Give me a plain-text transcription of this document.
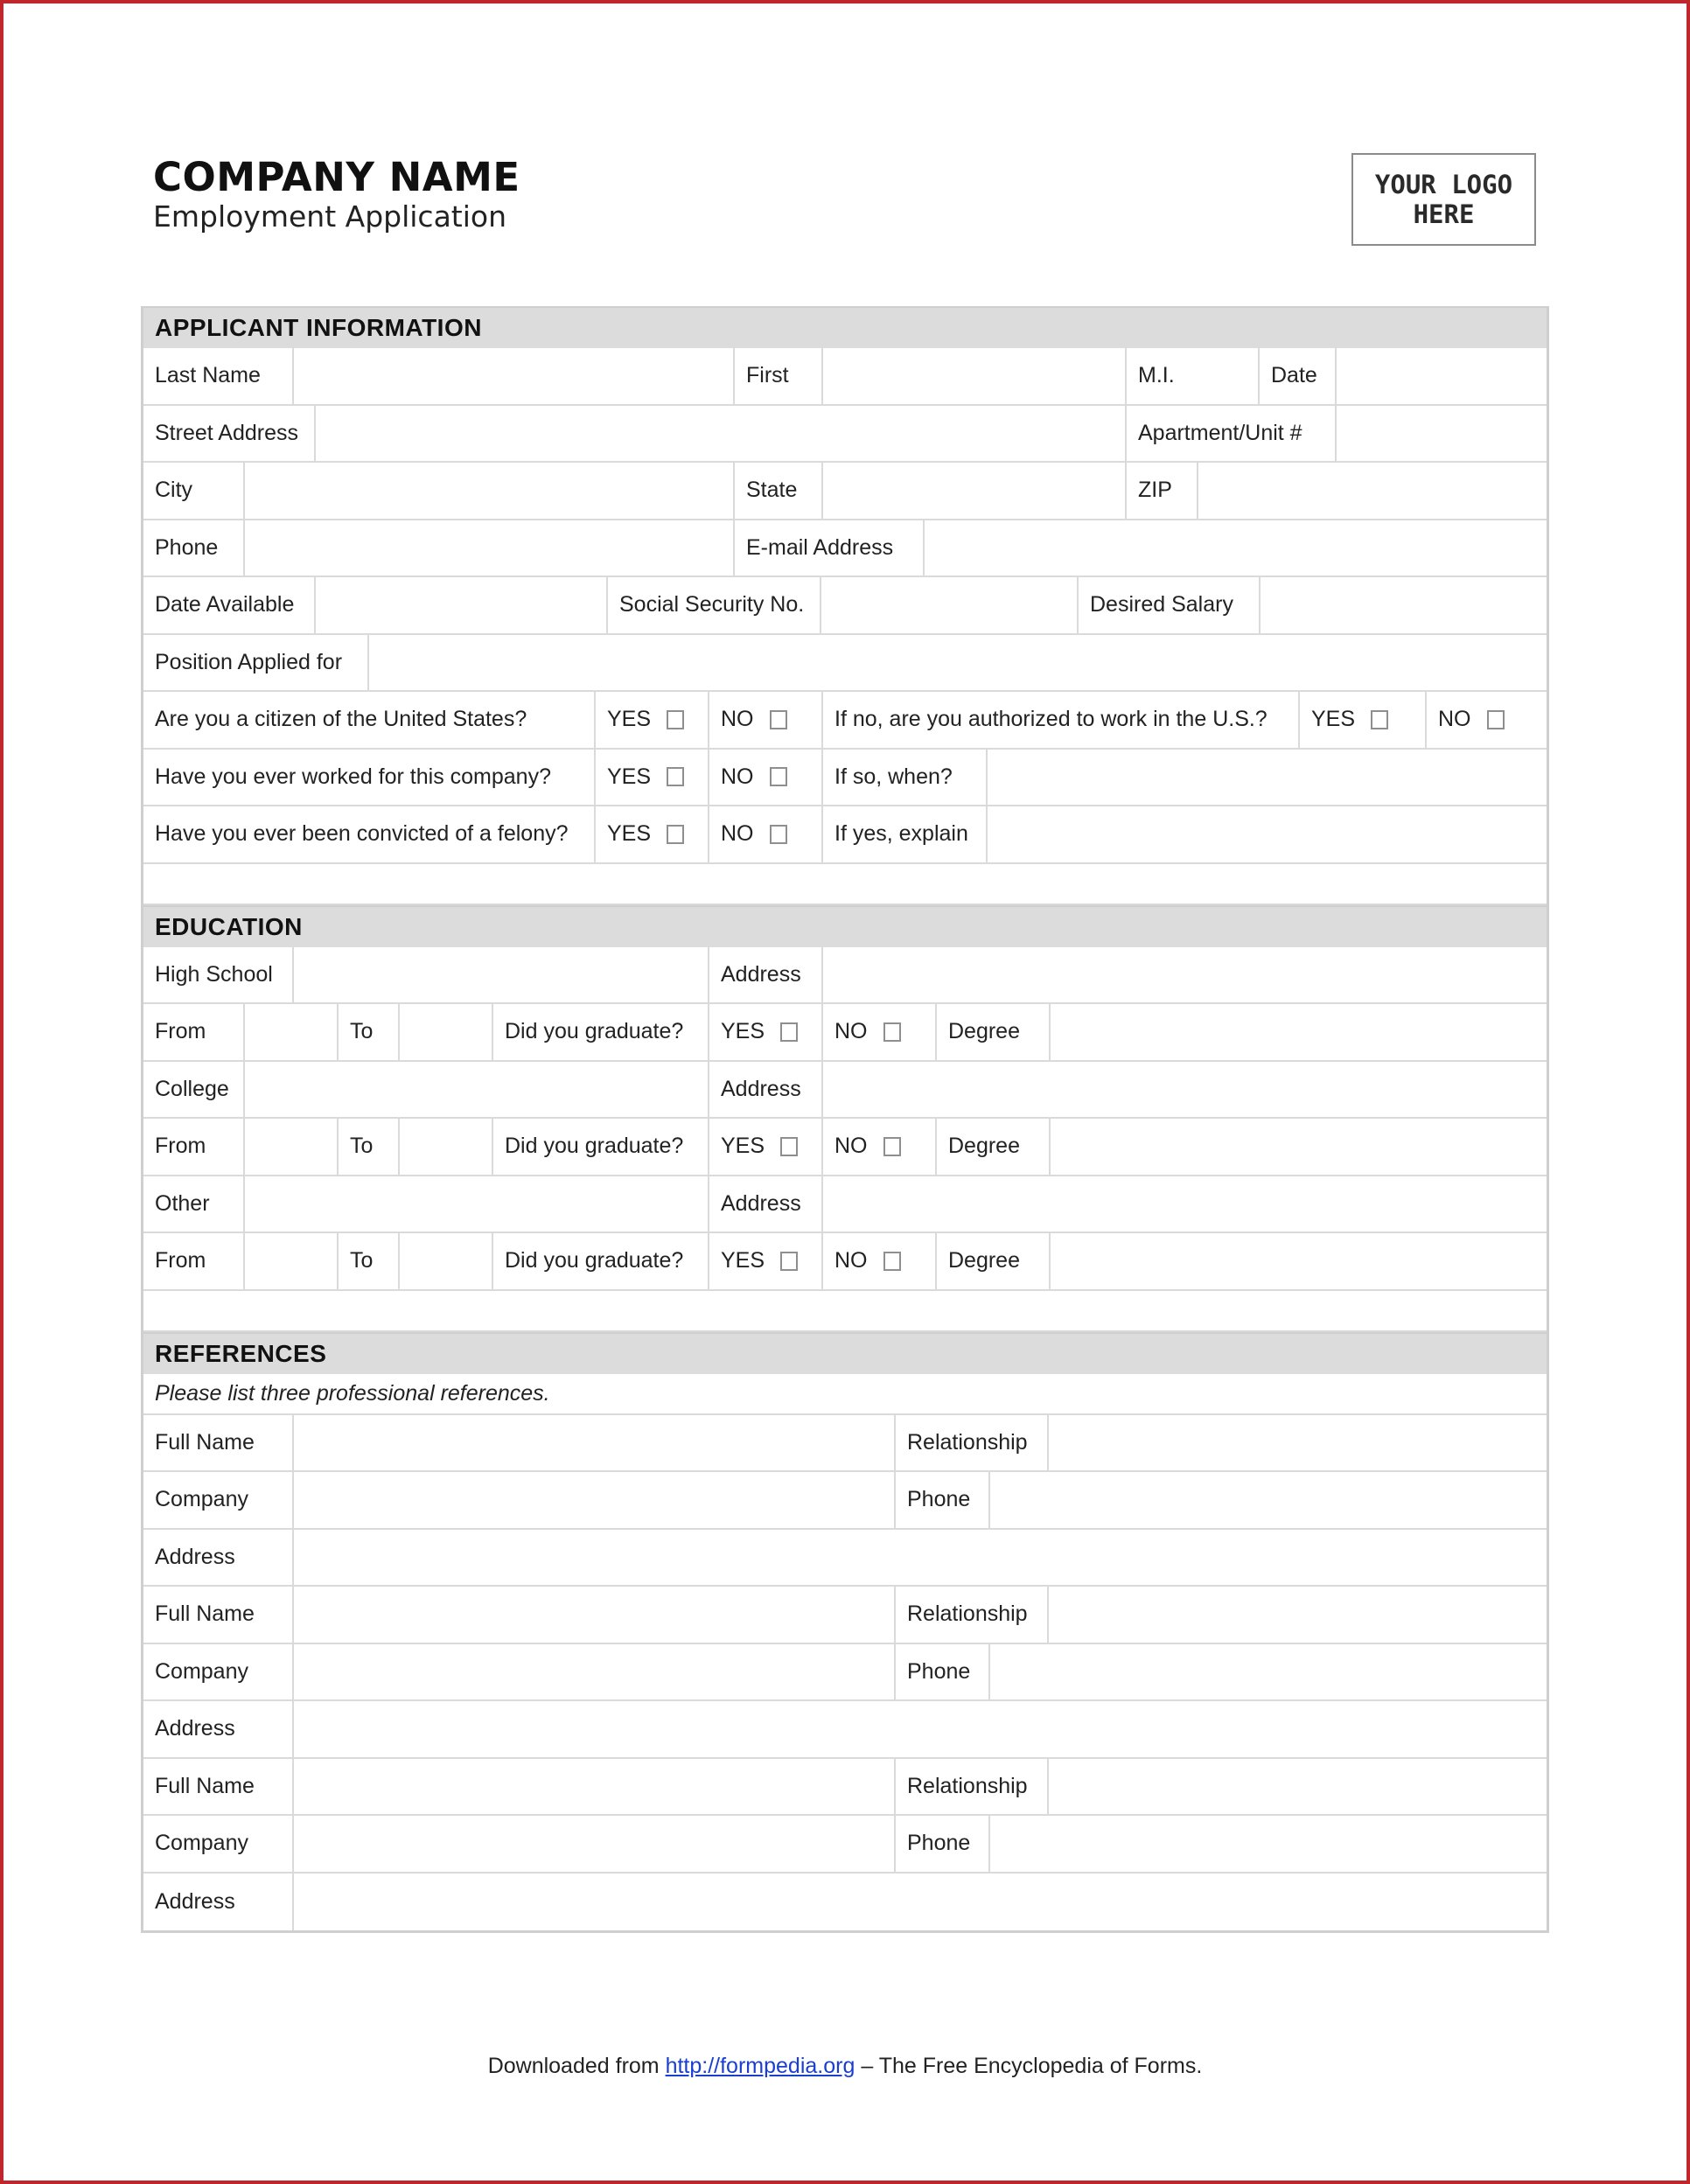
COMPANY NAME
Employment Application
YOUR LOGO HERE
APPLICANT INFORMATION
Last Name	First	M.I.	Date
Street Address	Apartment/Unit #
City	State	ZIP
Phone	E-mail Address
Date Available	Social Security No.	Desired Salary
Position Applied for
Are you a citizen of the United States?	YES	NO	If no, are you authorized to work in the U.S.?	YES	NO
Have you ever worked for this company?	YES	NO	If so, when?
Have you ever been convicted of a felony?	YES	NO	If yes, explain
EDUCATION
High School	Address
From	To	Did you graduate?	YES	NO	Degree
College	Address
From	To	Did you graduate?	YES	NO	Degree
Other	Address
From	To	Did you graduate?	YES	NO	Degree
REFERENCES
Please list three professional references.
Full Name	Relationship
Company	Phone
Address
Full Name	Relationship
Company	Phone
Address
Full Name	Relationship
Company	Phone
Address
Downloaded from http://formpedia.org – The Free Encyclopedia of Forms.
